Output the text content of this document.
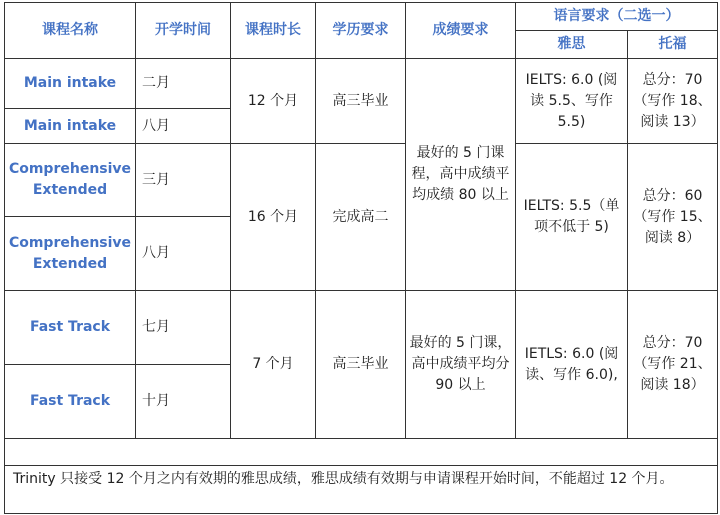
课程名称	开学时间	课程时长	学历要求	成绩要求	语言要求（二选一）	
					雅思	托福
Main intake	二月	12 个月	高三毕业	最好的 5 门课程，高中成绩平均成绩 80 以上	IELTS: 6.0 (阅读 5.5、写作 5.5)	总分：70（写作 18、阅读 13）
Main intake	八月					
Comprehensive Extended	三月	16 个月	完成高二		IELTS: 5.5（单项不低于 5)	总分：60（写作 15、阅读 8）
Comprehensive Extended	八月					
Fast Track	七月	7 个月	高三毕业	最好的 5 门课，高中成绩平均分 90 以上	IETLS: 6.0 (阅读、写作 6.0),	总分：70（写作 21、阅读 18）
Fast Track	十月					

Trinity 只接受 12 个月之内有效期的雅思成绩，雅思成绩有效期与申请课程开始时间，不能超过 12 个月。						
